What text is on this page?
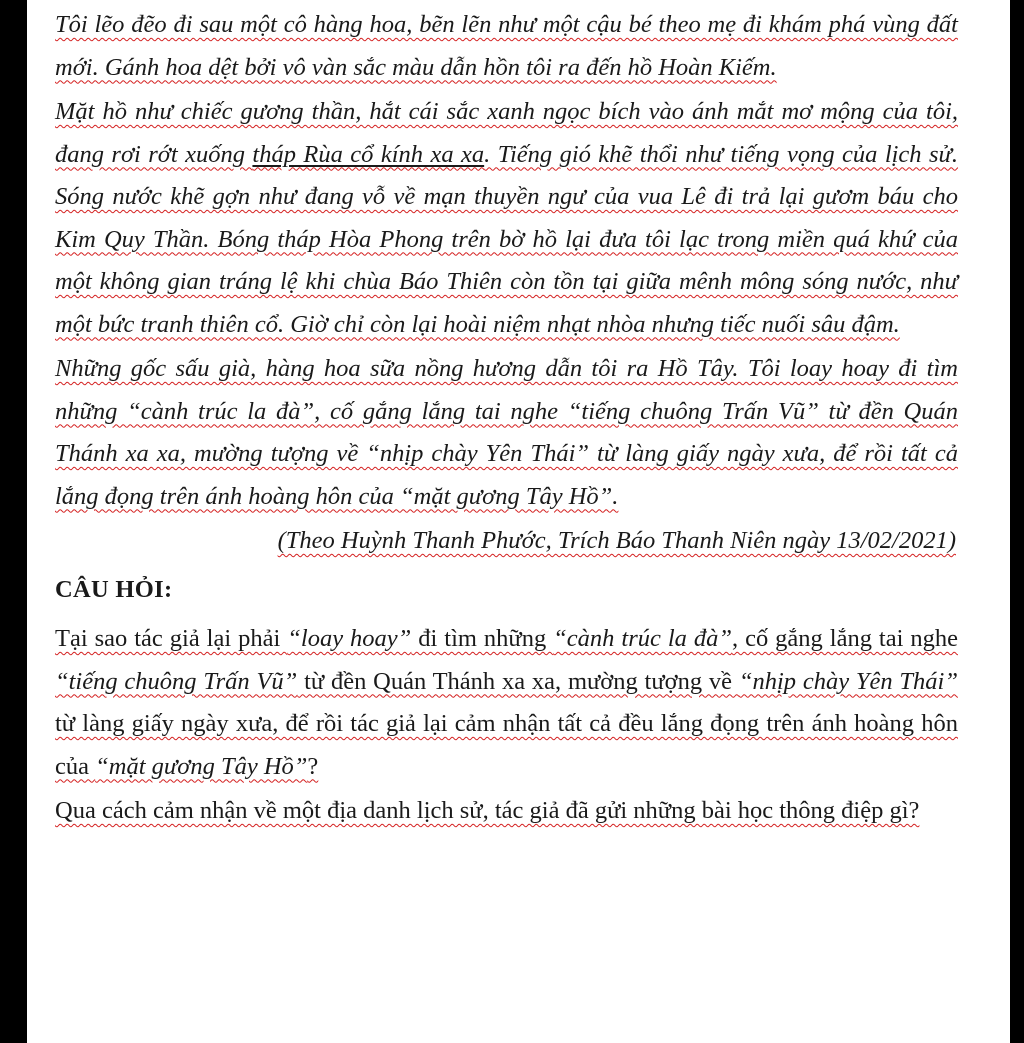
Tôi lẽo đẽo đi sau một cô hàng hoa, bẽn lẽn như một cậu bé theo mẹ đi khám phá vùng đất mới. Gánh hoa dệt bởi vô vàn sắc màu dẫn hồn tôi ra đến hồ Hoàn Kiếm.

Mặt hồ như chiếc gương thần, hắt cái sắc xanh ngọc bích vào ánh mắt mơ mộng của tôi, đang rơi rớt xuống tháp Rùa cổ kính xa xa. Tiếng gió khẽ thổi như tiếng vọng của lịch sử. Sóng nước khẽ gợn như đang vỗ về mạn thuyền ngư của vua Lê đi trả lại gươm báu cho Kim Quy Thần. Bóng tháp Hòa Phong trên bờ hồ lại đưa tôi lạc trong miền quá khứ của một không gian tráng lệ khi chùa Báo Thiên còn tồn tại giữa mênh mông sóng nước, như một bức tranh thiên cổ. Giờ chỉ còn lại hoài niệm nhạt nhòa nhưng tiếc nuối sâu đậm.

Những gốc sấu già, hàng hoa sữa nồng hương dẫn tôi ra Hồ Tây. Tôi loay hoay đi tìm những “cành trúc la đà”, cố gắng lắng tai nghe “tiếng chuông Trấn Vũ” từ đền Quán Thánh xa xa, mường tượng về “nhịp chày Yên Thái” từ làng giấy ngày xưa, để rồi tất cả lắng đọng trên ánh hoàng hôn của “mặt gương Tây Hồ”.

(Theo Huỳnh Thanh Phước, Trích Báo Thanh Niên ngày 13/02/2021)

CÂU HỎI:

Tại sao tác giả lại phải “loay hoay” đi tìm những “cành trúc la đà”, cố gắng lắng tai nghe “tiếng chuông Trấn Vũ” từ đền Quán Thánh xa xa, mường tượng về “nhịp chày Yên Thái” từ làng giấy ngày xưa, để rồi tác giả lại cảm nhận tất cả đều lắng đọng trên ánh hoàng hôn của “mặt gương Tây Hồ”?

Qua cách cảm nhận về một địa danh lịch sử, tác giả đã gửi những bài học thông điệp gì?
